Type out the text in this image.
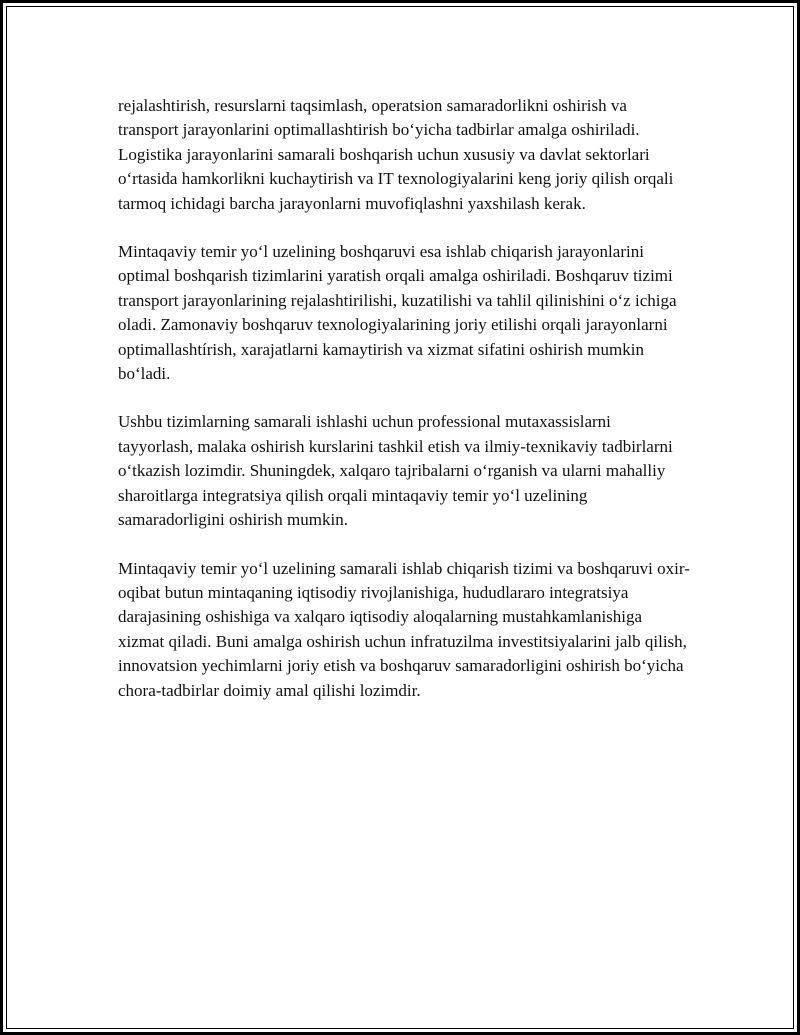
rejalashtirish, resurslarni taqsimlash, operatsion samaradorlikni oshirish va transport jarayonlarini optimallashtirish bo‘yicha tadbirlar amalga oshiriladi. Logistika jarayonlarini samarali boshqarish uchun xususiy va davlat sektorlari o‘rtasida hamkorlikni kuchaytirish va IT texnologiyalarini keng joriy qilish orqali tarmoq ichidagi barcha jarayonlarni muvofiqlashni yaxshilash kerak.

Mintaqaviy temir yo‘l uzelining boshqaruvi esa ishlab chiqarish jarayonlarini optimal boshqarish tizimlarini yaratish orqali amalga oshiriladi. Boshqaruv tizimi transport jarayonlarining rejalashtirilishi, kuzatilishi va tahlil qilinishini o‘z ichiga oladi. Zamonaviy boshqaruv texnologiyalarining joriy etilishi orqali jarayonlarni optimallashtírish, xarajatlarni kamaytirish va xizmat sifatini oshirish mumkin bo‘ladi.

Ushbu tizimlarning samarali ishlashi uchun professional mutaxassislarni tayyorlash, malaka oshirish kurslarini tashkil etish va ilmiy-texnikaviy tadbirlarni o‘tkazish lozimdir. Shuningdek, xalqaro tajribalarni o‘rganish va ularni mahalliy sharoitlarga integratsiya qilish orqali mintaqaviy temir yo‘l uzelining samaradorligini oshirish mumkin.

Mintaqaviy temir yo‘l uzelining samarali ishlab chiqarish tizimi va boshqaruvi oxir-oqibat butun mintaqaning iqtisodiy rivojlanishiga, hududlararo integratsiya darajasining oshishiga va xalqaro iqtisodiy aloqalarning mustahkamlanishiga xizmat qiladi. Buni amalga oshirish uchun infratuzilma investitsiyalarini jalb qilish, innovatsion yechimlarni joriy etish va boshqaruv samaradorligini oshirish bo‘yicha chora-tadbirlar doimiy amal qilishi lozimdir.
